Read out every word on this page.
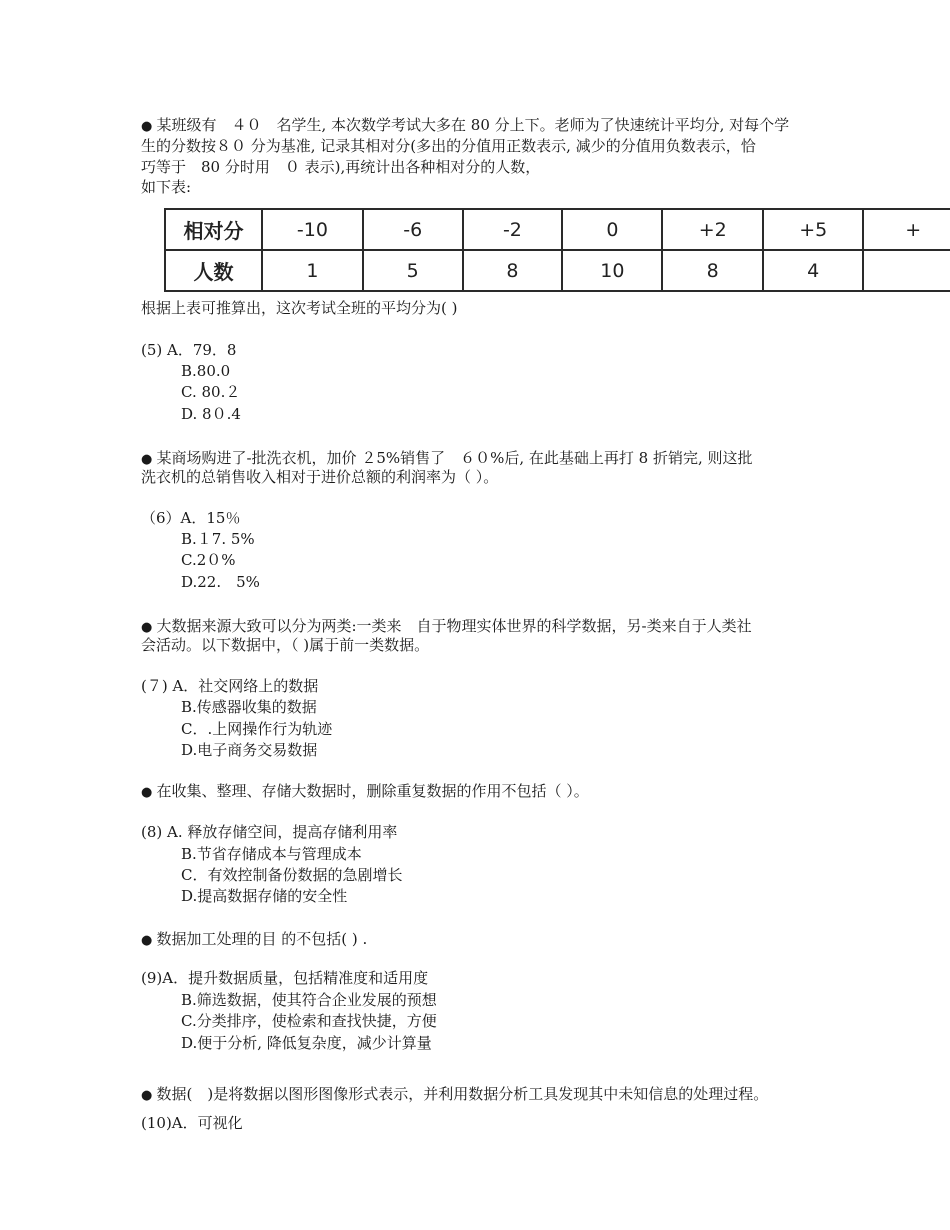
● 某班级有　４０　名学生, 本次数学考试大多在 80 分上下。老师为了快速统计平均分, 对每个学
生的分数按８０ 分为基准, 记录其相对分(多出的分值用正数表示, 减少的分值用负数表示，恰
巧等于　80 分时用　０ 表示),再统计出各种相对分的人数，
如下表:
相对分	-10	-6	-2	0	+2	+5	+
人数	1	5	8	10	8	4	
根据上表可推算出，这次考试全班的平均分为( )
(5) A．79．8
B.80.0
C. 80.２
D. 8０.4
● 某商场购进了-批洗衣机，加价 ２5%销售了　６０%后, 在此基础上再打 8 折销完, 则这批
洗衣机的总销售收入相对于进价总额的利润率为（ ）。
（6）A．15％
B.１7. 5%
C.2０%
D.22.　5%
● 大数据来源大致可以分为两类:一类来　自于物理实体世界的科学数据，另-类来自于人类社
会活动。以下数据中，（ )属于前一类数据。
(７) A．社交网络上的数据
B.传感器收集的数据
C．.上网操作行为轨迹
D.电子商务交易数据
● 在收集、整理、存储大数据时，删除重复数据的作用不包括（ ）。
(8) A. 释放存储空间，提高存储利用率
B.节省存储成本与管理成本
C．有效控制备份数据的急剧增长
D.提高数据存储的安全性
● 数据加工处理的目 的不包括( ) .
(9)A．提升数据质量，包括精准度和适用度
B.筛选数据，使其符合企业发展的预想
C.分类排序，使检索和查找快捷，方便
D.便于分析, 降低复杂度，减少计算量
● 数据(　)是将数据以图形图像形式表示，并利用数据分析工具发现其中未知信息的处理过程。
(10)A．可视化
